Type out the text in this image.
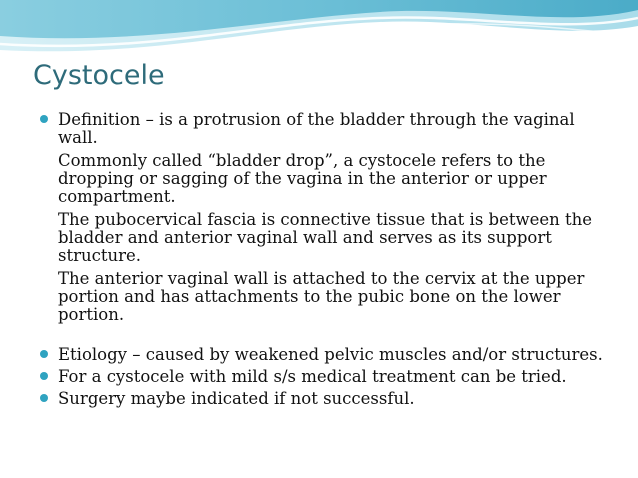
Cystocele

Definition – is a protrusion of the bladder through the vaginal wall.

Commonly called “bladder drop”, a cystocele refers to the dropping or sagging of the vagina in the anterior or upper compartment.

The pubocervical fascia is connective tissue that is between the bladder and anterior vaginal wall and serves as its support structure.

The anterior vaginal wall is attached to the cervix at the upper portion and has attachments to the pubic bone on the lower portion.

Etiology – caused by weakened pelvic muscles and/or structures.

For a cystocele with mild s/s medical treatment can be tried.

Surgery maybe indicated if not successful.
